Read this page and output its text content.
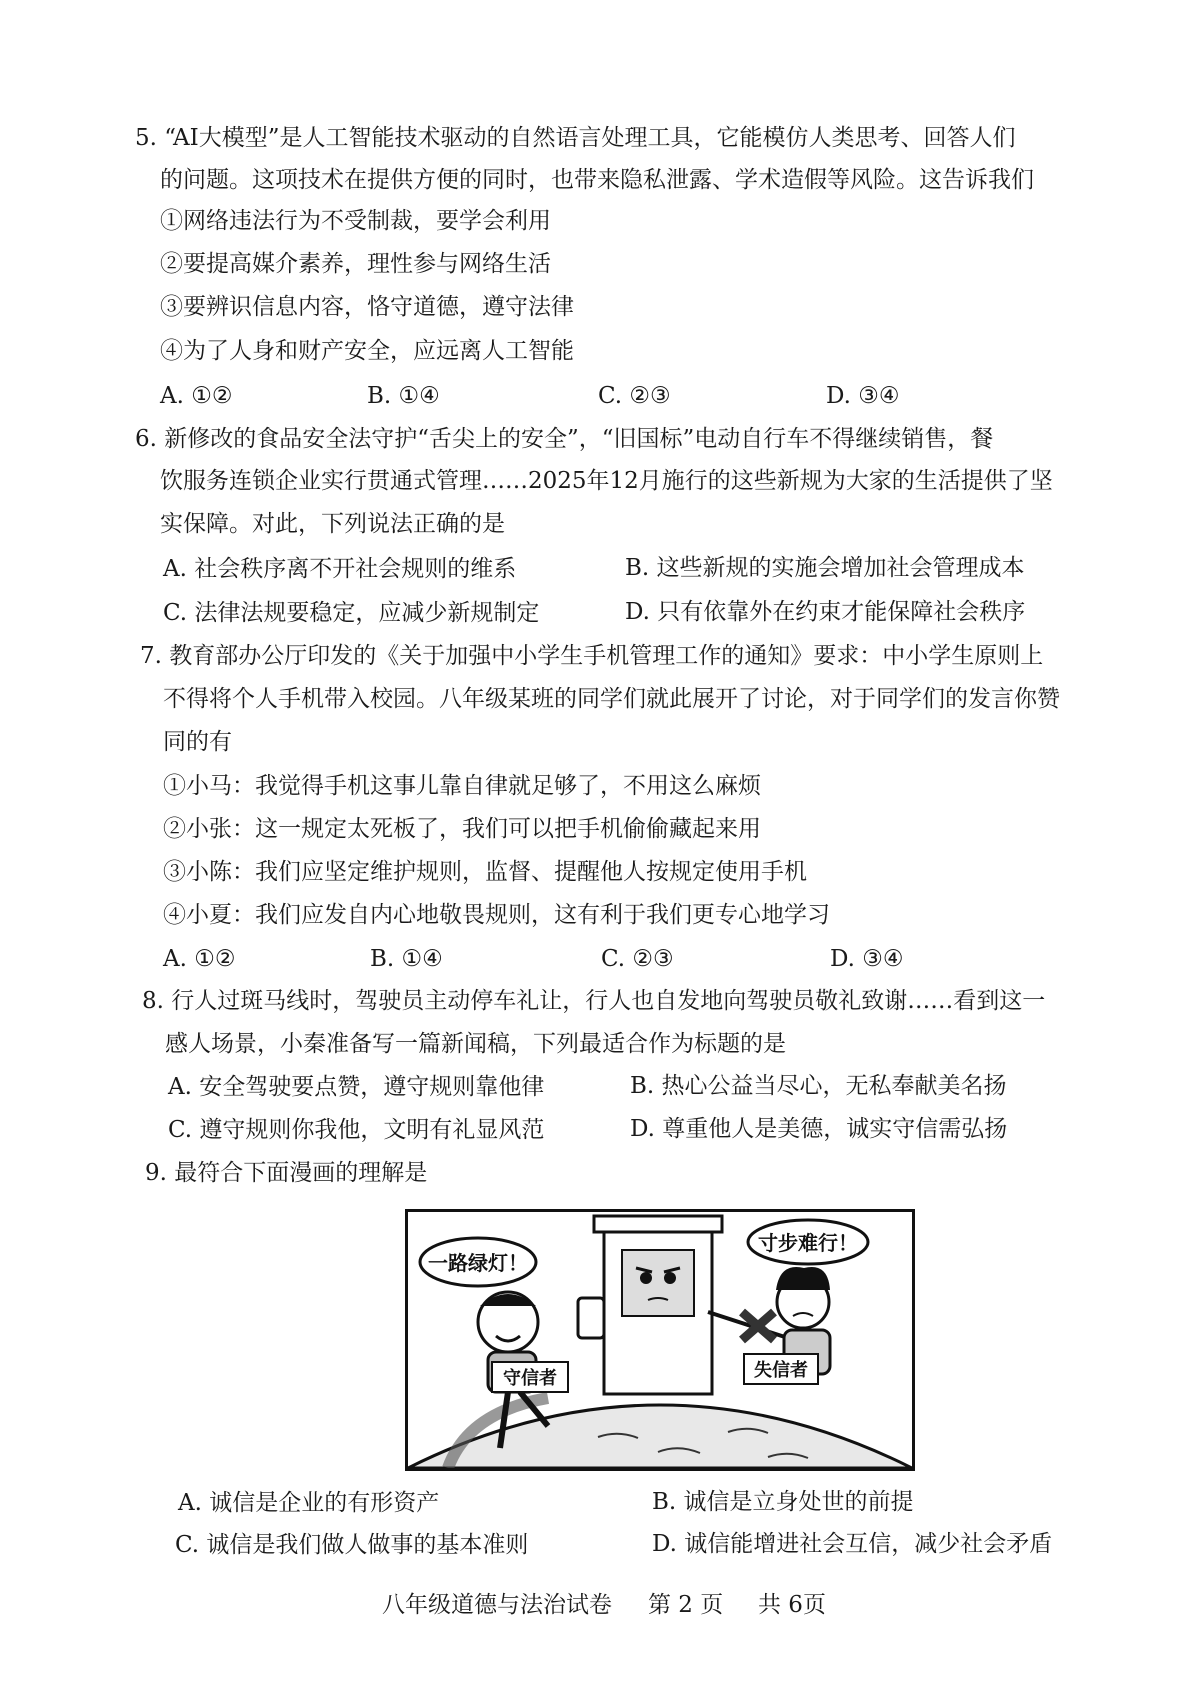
5. “AI大模型”是人工智能技术驱动的自然语言处理工具，它能模仿人类思考、回答人们
的问题。这项技术在提供方便的同时，也带来隐私泄露、学术造假等风险。这告诉我们
①网络违法行为不受制裁，要学会利用
②要提高媒介素养，理性参与网络生活
③要辨识信息内容，恪守道德，遵守法律
④为了人身和财产安全，应远离人工智能
A. ①②	B. ①④	C. ②③	D. ③④
6. 新修改的食品安全法守护“舌尖上的安全”，“旧国标”电动自行车不得继续销售，餐
饮服务连锁企业实行贯通式管理……2025年12月施行的这些新规为大家的生活提供了坚
实保障。对此，下列说法正确的是
A. 社会秩序离不开社会规则的维系	B. 这些新规的实施会增加社会管理成本
C. 法律法规要稳定，应减少新规制定	D. 只有依靠外在约束才能保障社会秩序
7. 教育部办公厅印发的《关于加强中小学生手机管理工作的通知》要求：中小学生原则上
不得将个人手机带入校园。八年级某班的同学们就此展开了讨论，对于同学们的发言你赞
同的有
①小马：我觉得手机这事儿靠自律就足够了，不用这么麻烦
②小张：这一规定太死板了，我们可以把手机偷偷藏起来用
③小陈：我们应坚定维护规则，监督、提醒他人按规定使用手机
④小夏：我们应发自内心地敬畏规则，这有利于我们更专心地学习
A. ①②	B. ①④	C. ②③	D. ③④
8. 行人过斑马线时，驾驶员主动停车礼让，行人也自发地向驾驶员敬礼致谢……看到这一
感人场景，小秦准备写一篇新闻稿，下列最适合作为标题的是
A. 安全驾驶要点赞，遵守规则靠他律	B. 热心公益当尽心，无私奉献美名扬
C. 遵守规则你我他，文明有礼显风范	D. 尊重他人是美德，诚实守信需弘扬
9. 最符合下面漫画的理解是
一路绿灯！
寸步难行！
守信者	失信者
A. 诚信是企业的有形资产	B. 诚信是立身处世的前提
C. 诚信是我们做人做事的基本准则	D. 诚信能增进社会互信，减少社会矛盾
八年级道德与法治试卷 第 2 页 共 6页
